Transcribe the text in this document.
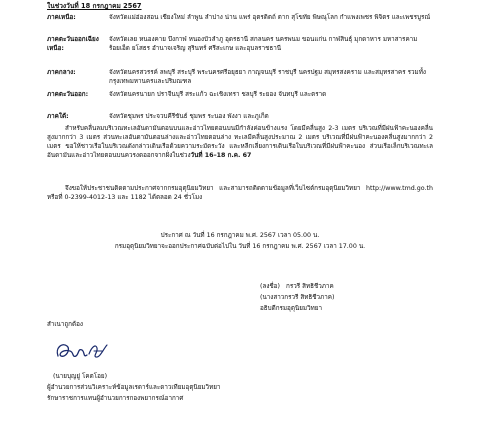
ในช่วงวันที่ 18 กรกฎาคม 2567
ภาคเหนือ:	จังหวัดแม่ฮ่องสอน เชียงใหม่ ลำพูน ลำปาง น่าน แพร่ อุตรดิตถ์ ตาก สุโขทัย พิษณุโลก กำแพงเพชร พิจิตร และเพชรบูรณ์
ภาคตะวันออกเฉียงเหนือ:
จังหวัดเลย หนองคาย บึงกาฬ หนองบัวลำภู อุดรธานี สกลนคร นครพนม ขอนแก่น กาฬสินธุ์ มุกดาหาร มหาสารคาม ร้อยเอ็ด ยโสธร อำนาจเจริญ สุรินทร์ ศรีสะเกษ และอุบลราชธานี
ภาคกลาง:	จังหวัดนครสวรรค์ ลพบุรี สระบุรี พระนครศรีอยุธยา กาญจนบุรี ราชบุรี นครปฐม สมุทรสงคราม และสมุทรสาคร รวมทั้งกรุงเทพมหานครและปริมณฑล
ภาคตะวันออก:	จังหวัดนครนายก ปราจีนบุรี สระแก้ว ฉะเชิงเทรา ชลบุรี ระยอง จันทบุรี และตราด
ภาคใต้:	จังหวัดชุมพร ประจวบคีรีขันธ์ ชุมพร ระนอง พังงา และภูเก็ต
สำหรับคลื่นลมบริเวณทะเลอันดามันตอนบนและอ่าวไทยตอนบนมีกำลังค่อนข้างแรง โดยมีคลื่นสูง 2-3 เมตร บริเวณที่มีฝนฟ้าคะนองคลื่นสูงมากกว่า 3 เมตร ส่วนทะเลอันดามันตอนล่างและอ่าวไทยตอนล่าง ทะเลมีคลื่นสูงประมาณ 2 เมตร บริเวณที่มีฝนฟ้าคะนองคลื่นสูงมากกว่า 2 เมตร ขอให้ชาวเรือในบริเวณดังกล่าวเดินเรือด้วยความระมัดระวัง และหลีกเลี่ยงการเดินเรือในบริเวณที่มีฝนฟ้าคะนอง ส่วนเรือเล็กบริเวณทะเลอันดามันและอ่าวไทยตอนบนควรงดออกจากฝั่งในช่วงวันที่ 16–18 ก.ค. 67
จึงขอให้ประชาชนติดตามประกาศจากกรมอุตุนิยมวิทยา และสามารถติดตามข้อมูลที่เว็บไซต์กรมอุตุนิยมวิทยา http://www.tmd.go.th หรือที่ 0-2399-4012-13 และ 1182 ได้ตลอด 24 ชั่วโมง
ประกาศ ณ วันที่ 16 กรกฎาคม พ.ศ. 2567 เวลา 05.00 น.
กรมอุตุนิยมวิทยาจะออกประกาศฉบับต่อไปใน วันที่ 16 กรกฎาคม พ.ศ. 2567 เวลา 17.00 น.
(ลงชื่อ) กรวรี สิทธิชีวภาค
(นางสาวกรวรี สิทธิชีวภาค)
อธิบดีกรมอุตุนิยมวิทยา
สำเนาถูกต้อง
(นายบุญยู่ โคตโอย)
ผู้อำนวยการส่วนวิเคราะห์ข้อมูลเรดาร์และดาวเทียมอุตุนิยมวิทยา
รักษาราชการแทนผู้อำนวยการกองพยากรณ์อากาศ
